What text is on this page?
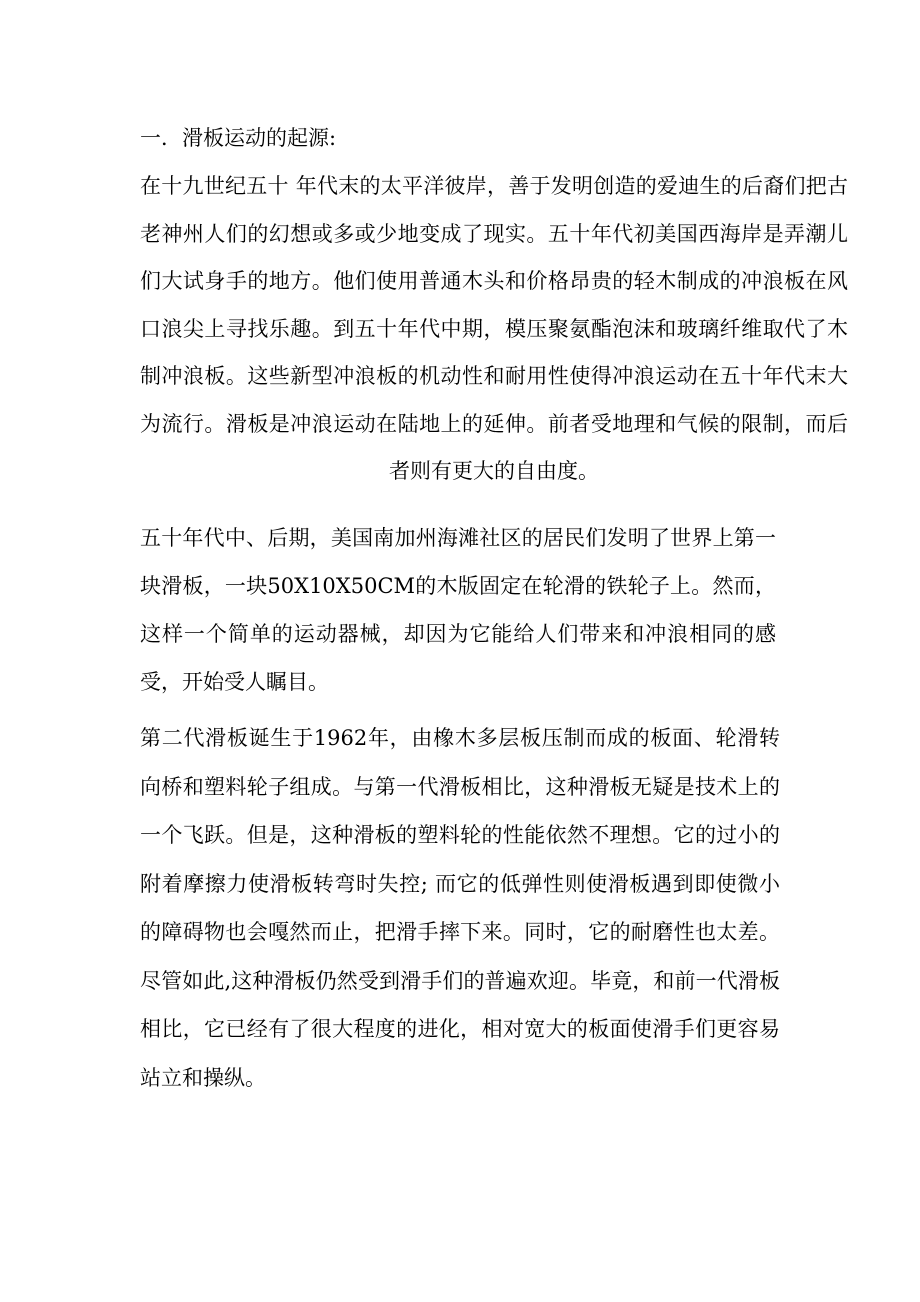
一．滑板运动的起源:

在十九世纪五十 年代末的太平洋彼岸，善于发明创造的爱迪生的后裔们把古老神州人们的幻想或多或少地变成了现实。五十年代初美国西海岸是弄潮儿们大试身手的地方。他们使用普通木头和价格昂贵的轻木制成的冲浪板在风口浪尖上寻找乐趣。到五十年代中期，模压聚氨酯泡沫和玻璃纤维取代了木制冲浪板。这些新型冲浪板的机动性和耐用性使得冲浪运动在五十年代末大为流行。滑板是冲浪运动在陆地上的延伸。前者受地理和气候的限制，而后者则有更大的自由度。

五十年代中、后期，美国南加州海滩社区的居民们发明了世界上第一块滑板，一块50X10X50CM的木版固定在轮滑的铁轮子上。然而，这样一个简单的运动器械，却因为它能给人们带来和冲浪相同的感受，开始受人瞩目。

第二代滑板诞生于1962年，由橡木多层板压制而成的板面、轮滑转向桥和塑料轮子组成。与第一代滑板相比，这种滑板无疑是技术上的一个飞跃。但是，这种滑板的塑料轮的性能依然不理想。它的过小的附着摩擦力使滑板转弯时失控; 而它的低弹性则使滑板遇到即使微小的障碍物也会嘎然而止，把滑手摔下来。同时，它的耐磨性也太差。尽管如此,这种滑板仍然受到滑手们的普遍欢迎。毕竟，和前一代滑板相比，它已经有了很大程度的进化，相对宽大的板面使滑手们更容易站立和操纵。
